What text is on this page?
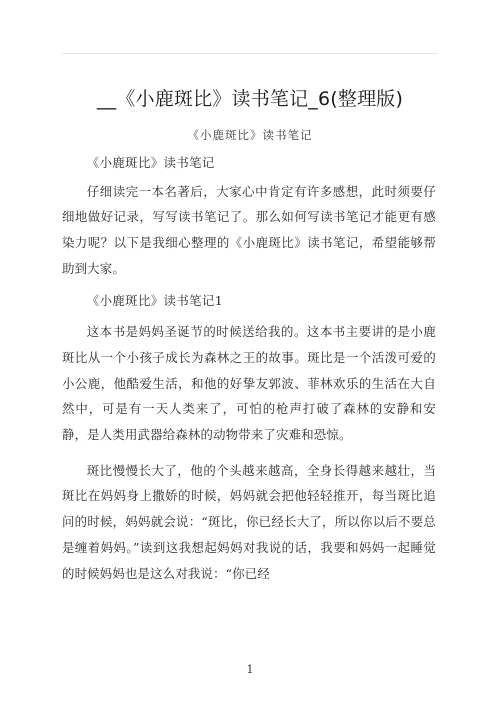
__《小鹿斑比》读书笔记_6(整理版)
《小鹿斑比》读书笔记

《小鹿斑比》读书笔记

仔细读完一本名著后，大家心中肯定有许多感想，此时须要仔细地做好记录，写写读书笔记了。那么如何写读书笔记才能更有感染力呢？以下是我细心整理的《小鹿斑比》读书笔记，希望能够帮助到大家。

《小鹿斑比》读书笔记1

这本书是妈妈圣诞节的时候送给我的。这本书主要讲的是小鹿斑比从一个小孩子成长为森林之王的故事。斑比是一个活泼可爱的小公鹿，他酷爱生活，和他的好挚友郭波、菲林欢乐的生活在大自然中，可是有一天人类来了，可怕的枪声打破了森林的安静和安静，是人类用武器给森林的动物带来了灾难和恐惊。

斑比慢慢长大了，他的个头越来越高，全身长得越来越壮，当斑比在妈妈身上撒娇的时候，妈妈就会把他轻轻推开，每当斑比追问的时候，妈妈就会说：“斑比，你已经长大了，所以你以后不要总是缠着妈妈。”读到这我想起妈妈对我说的话，我要和妈妈一起睡觉的时候妈妈也是这么对我说：“你已经

1
